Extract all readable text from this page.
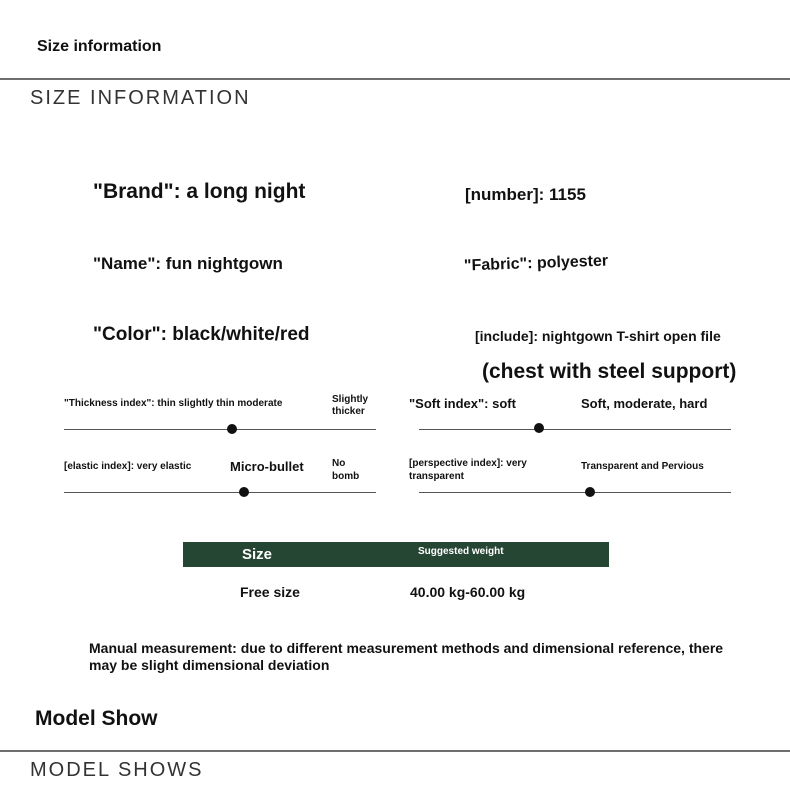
Size information
SIZE INFORMATION
"Brand": a long night	[number]: 1155
"Name": fun nightgown	"Fabric": polyester
"Color": black/white/red	[include]: nightgown T-shirt open file
(chest with steel support)
"Thickness index": thin slightly thin moderate	Slightly thicker
"Soft index": soft	Soft, moderate, hard
[elastic index]: very elastic	Micro-bullet	No bomb
[perspective index]: very transparent
Transparent and Pervious
Size	Suggested weight
Free size	40.00 kg-60.00 kg
Manual measurement: due to different measurement methods and dimensional reference, there may be slight dimensional deviation
Model Show
MODEL SHOWS
